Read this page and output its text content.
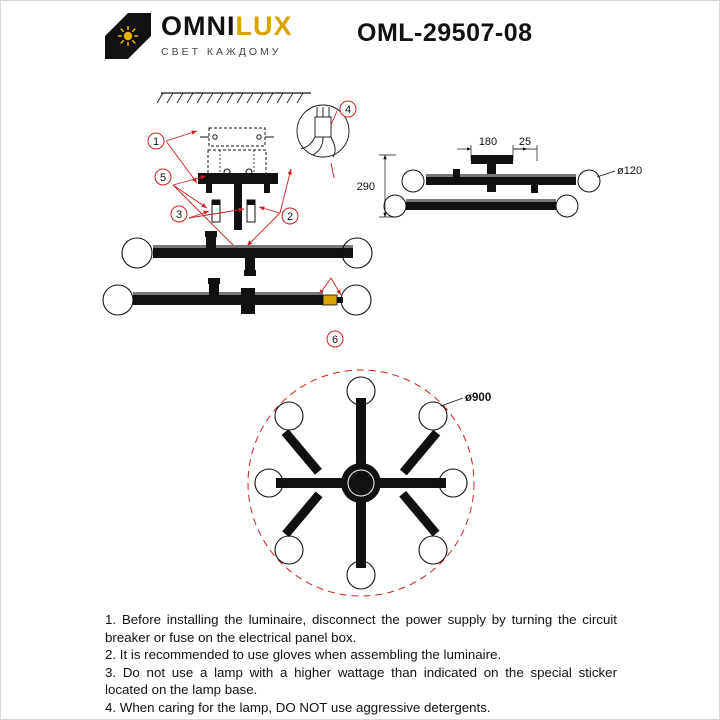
OMNILUX
СВЕТ КАЖДОМУ
OML-29507-08
1
5
3	2
4
6
180 25
290
ø120
ø900

1. Before installing the luminaire, disconnect the power supply by turning the circuit breaker or fuse on the electrical panel box.

2. It is recommended to use gloves when assembling the luminaire.

3. Do not use a lamp with a higher wattage than indicated on the special sticker located on the lamp base.

4. When caring for the lamp, DO NOT use aggressive detergents.
